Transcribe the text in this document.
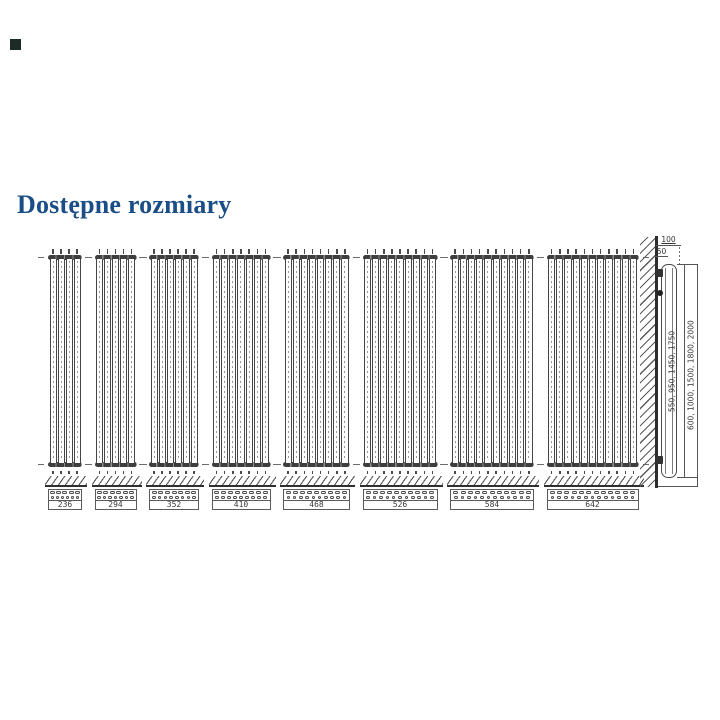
Dostępne rozmiary
236	294	352	410	468	526	584	642
100
50
550, 950, 1450, 1750 600, 1000, 1500, 1800, 2000
